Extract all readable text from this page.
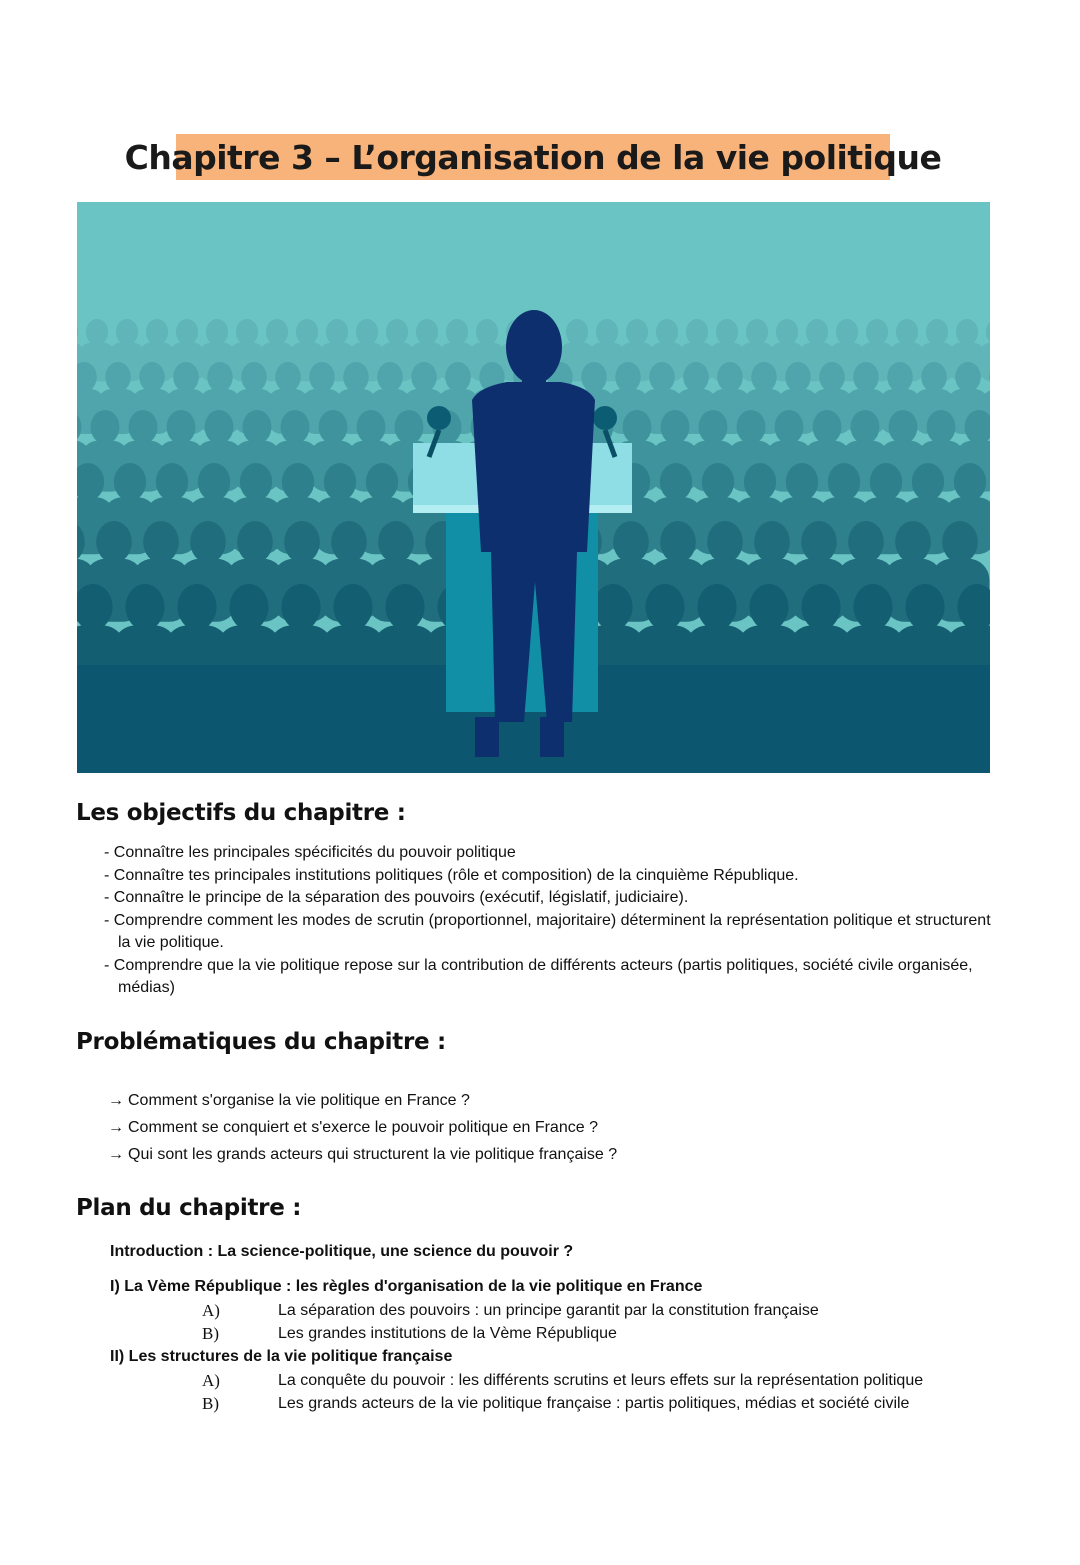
Chapitre 3 – L’organisation de la vie politique
Les objectifs du chapitre :
- Connaître les principales spécificités du pouvoir politique
- Connaître tes principales institutions politiques (rôle et composition) de la cinquième République.
- Connaître le principe de la séparation des pouvoirs (exécutif, législatif, judiciaire).
- Comprendre comment les modes de scrutin (proportionnel, majoritaire) déterminent la représentation politique et structurent la vie politique.
- Comprendre que la vie politique repose sur la contribution de différents acteurs (partis politiques, société civile organisée, médias)
Problématiques du chapitre :
→ Comment s'organise la vie politique en France ?
→ Comment se conquiert et s'exerce le pouvoir politique en France ?
→ Qui sont les grands acteurs qui structurent la vie politique française ?
Plan du chapitre :
Introduction : La science-politique, une science du pouvoir ?
I) La Vème République : les règles d'organisation de la vie politique en France
A)	La séparation des pouvoirs : un principe garantit par la constitution française
B)	Les grandes institutions de la Vème République
II) Les structures de la vie politique française
A)	La conquête du pouvoir : les différents scrutins et leurs effets sur la représentation politique
B)	Les grands acteurs de la vie politique française : partis politiques, médias et société civile
